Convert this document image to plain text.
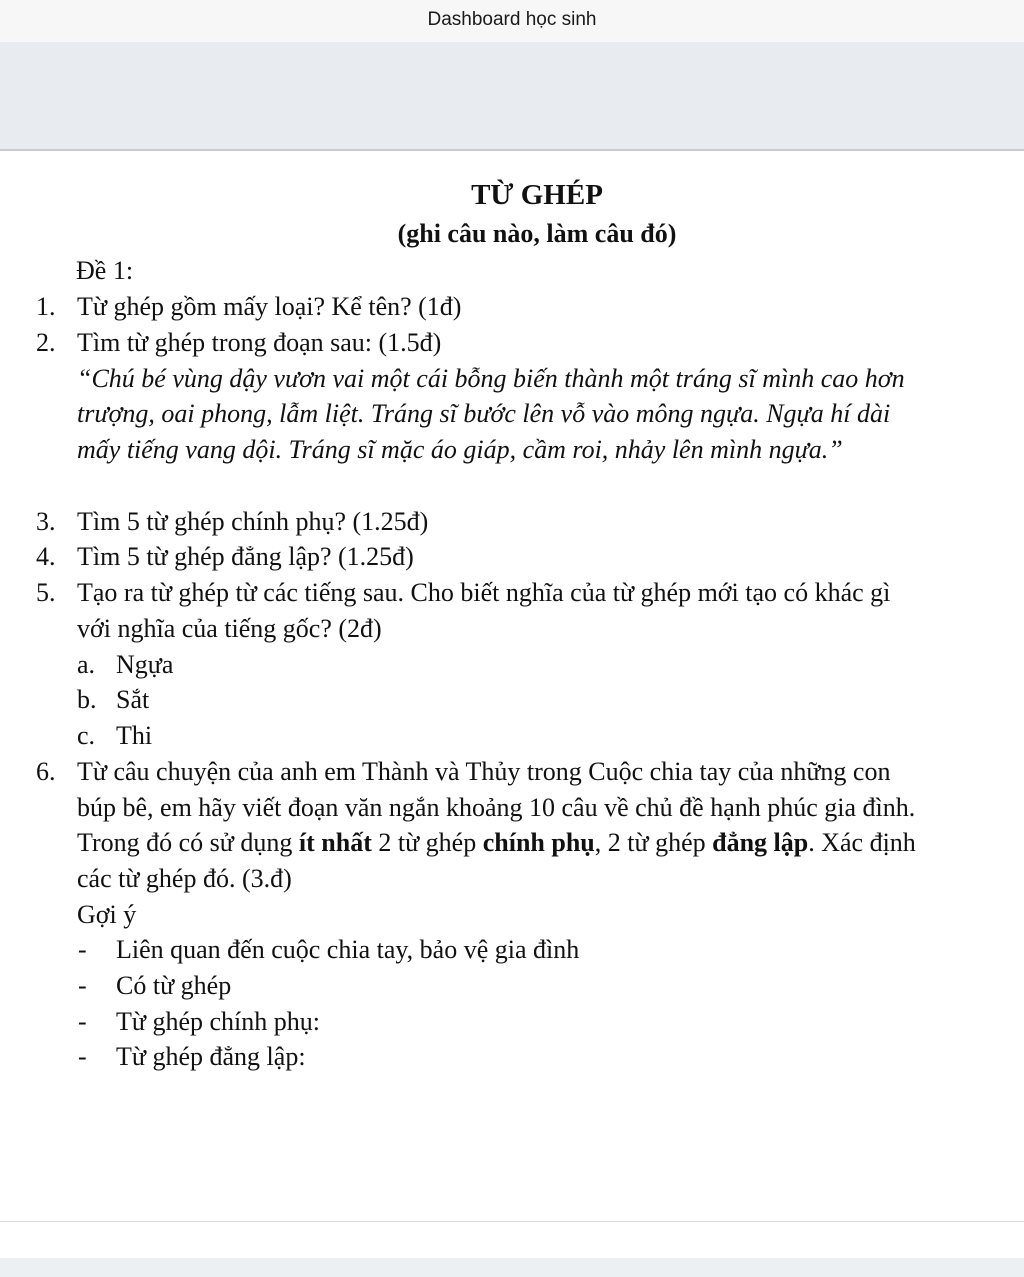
Dashboard học sinh
TỪ GHÉP
(ghi câu nào, làm câu đó)
Đề 1:
1. Từ ghép gồm mấy loại? Kể tên? (1đ)
2. Tìm từ ghép trong đoạn sau: (1.5đ)
“Chú bé vùng dậy vươn vai một cái bỗng biến thành một tráng sĩ mình cao hơn
trượng, oai phong, lẫm liệt. Tráng sĩ bước lên vỗ vào mông ngựa. Ngựa hí dài
mấy tiếng vang dội. Tráng sĩ mặc áo giáp, cầm roi, nhảy lên mình ngựa.”
3. Tìm 5 từ ghép chính phụ? (1.25đ)
4. Tìm 5 từ ghép đẳng lập? (1.25đ)
5. Tạo ra từ ghép từ các tiếng sau. Cho biết nghĩa của từ ghép mới tạo có khác gì
với nghĩa của tiếng gốc? (2đ)
a. Ngựa
b. Sắt
c. Thi
6. Từ câu chuyện của anh em Thành và Thủy trong Cuộc chia tay của những con
búp bê, em hãy viết đoạn văn ngắn khoảng 10 câu về chủ đề hạnh phúc gia đình.
Trong đó có sử dụng ít nhất 2 từ ghép chính phụ, 2 từ ghép đẳng lập. Xác định
các từ ghép đó. (3.đ)
Gợi ý
- Liên quan đến cuộc chia tay, bảo vệ gia đình
- Có từ ghép
- Từ ghép chính phụ:
- Từ ghép đẳng lập:
